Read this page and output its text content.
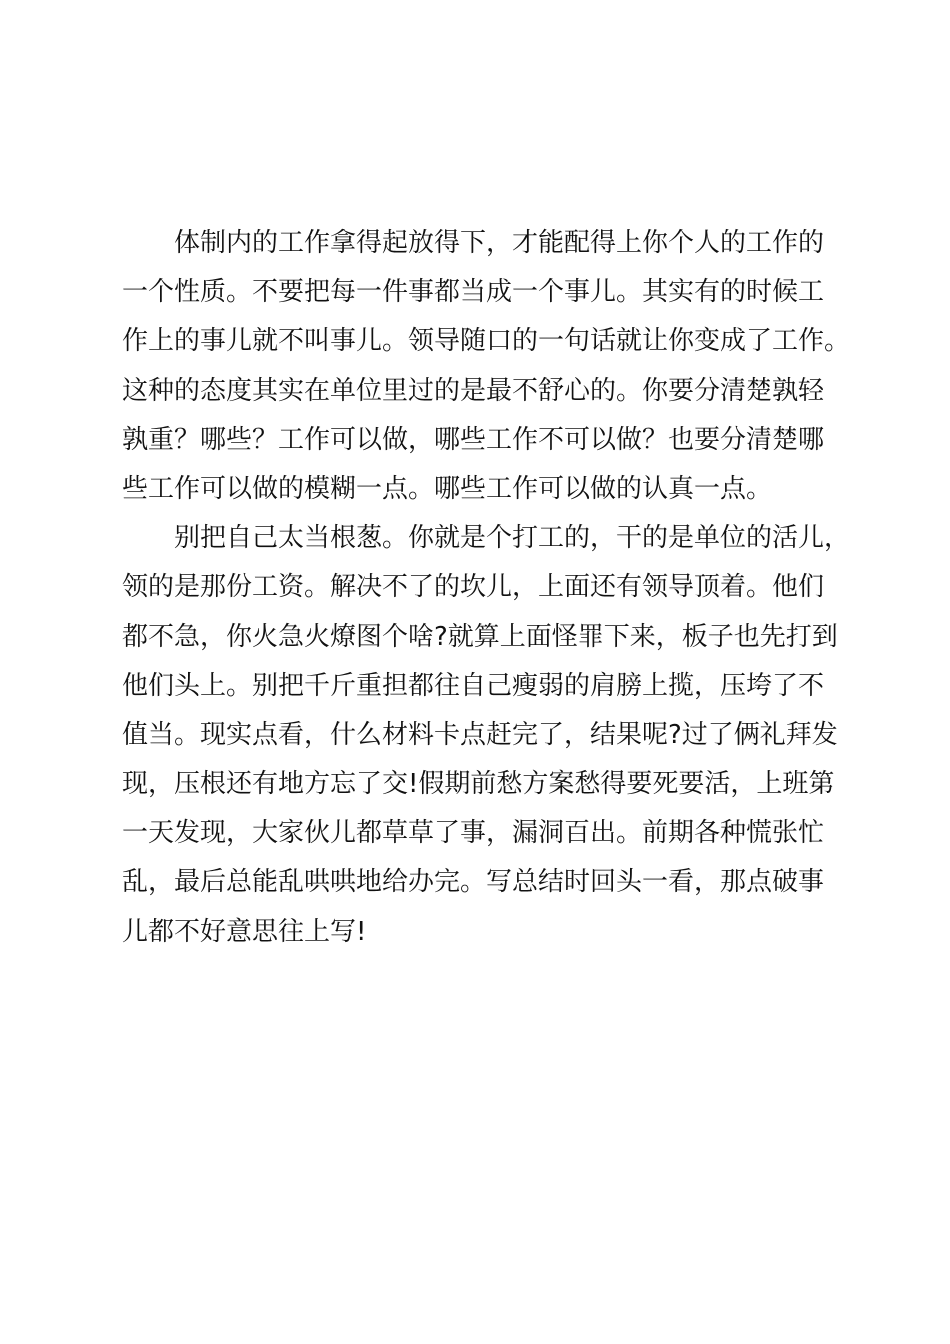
体制内的工作拿得起放得下，才能配得上你个人的工作的
一个性质。不要把每一件事都当成一个事儿。其实有的时候工
作上的事儿就不叫事儿。领导随口的一句话就让你变成了工作。
这种的态度其实在单位里过的是最不舒心的。你要分清楚孰轻
孰重？哪些？工作可以做，哪些工作不可以做？也要分清楚哪
些工作可以做的模糊一点。哪些工作可以做的认真一点。

别把自己太当根葱。你就是个打工的，干的是单位的活儿，
领的是那份工资。解决不了的坎儿，上面还有领导顶着。他们
都不急，你火急火燎图个啥?就算上面怪罪下来，板子也先打到
他们头上。别把千斤重担都往自己瘦弱的肩膀上揽，压垮了不
值当。现实点看，什么材料卡点赶完了，结果呢?过了俩礼拜发
现，压根还有地方忘了交!假期前愁方案愁得要死要活，上班第
一天发现，大家伙儿都草草了事，漏洞百出。前期各种慌张忙
乱，最后总能乱哄哄地给办完。写总结时回头一看，那点破事
儿都不好意思往上写!
